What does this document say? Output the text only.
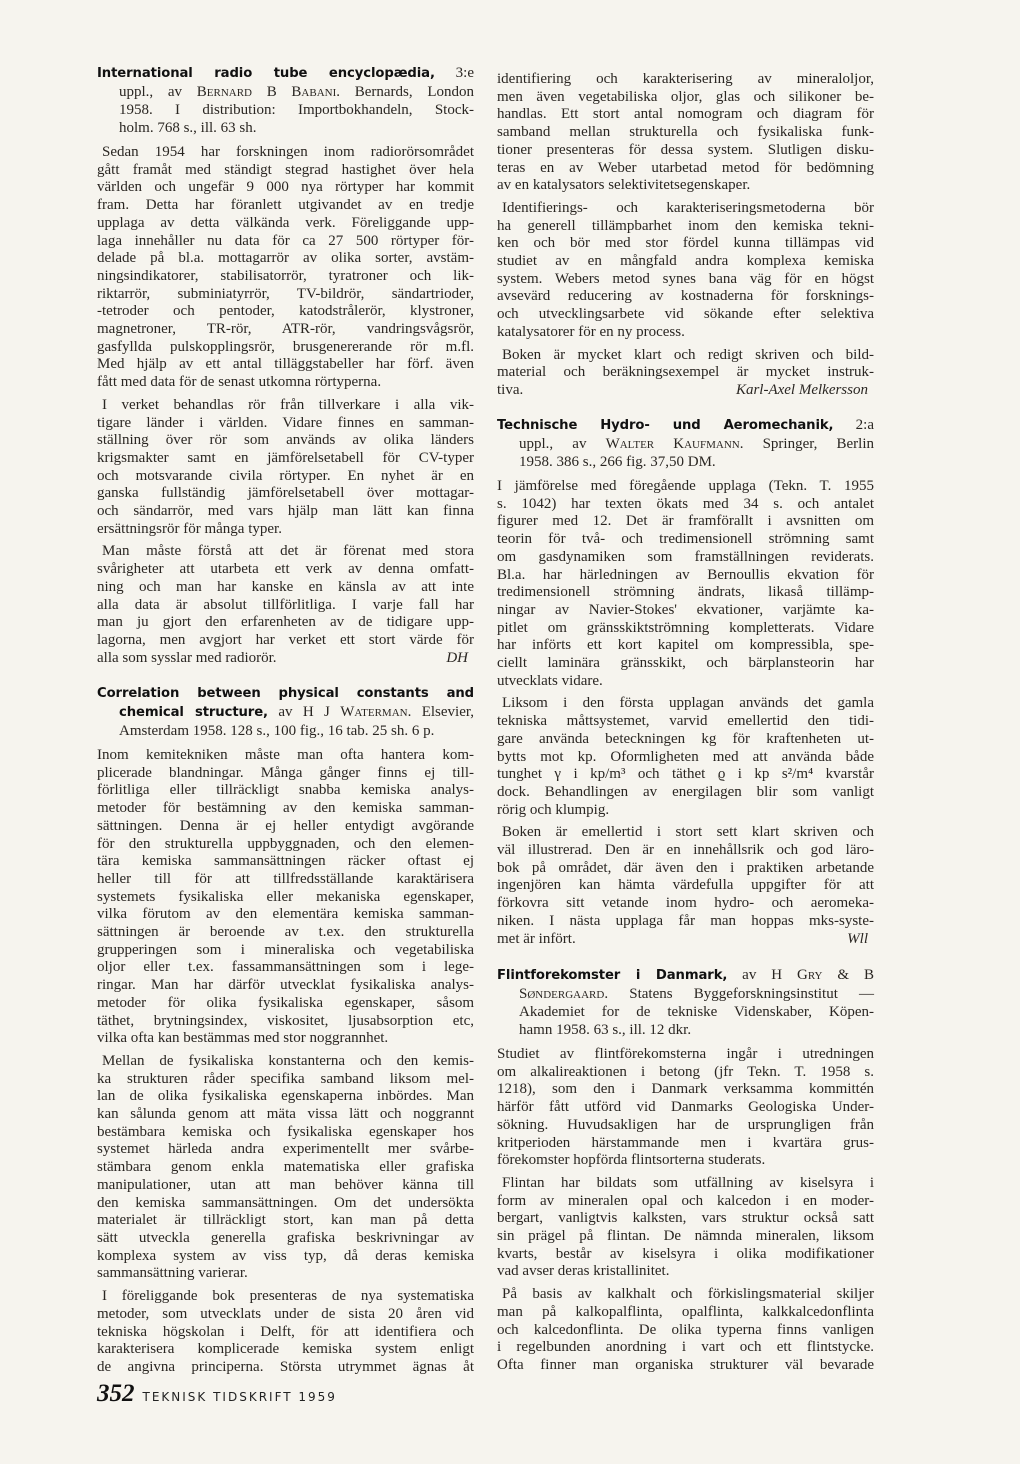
International radio tube encyclopædia, 3:e
uppl., av Bernard B Babani. Bernards, London
1958. I distribution: Importbokhandeln, Stock-
holm. 768 s., ill. 63 sh.
Sedan 1954 har forskningen inom radiorörsområdet
gått framåt med ständigt stegrad hastighet över hela
världen och ungefär 9 000 nya rörtyper har kommit
fram. Detta har föranlett utgivandet av en tredje
upplaga av detta välkända verk. Föreliggande upp-
laga innehåller nu data för ca 27 500 rörtyper för-
delade på bl.a. mottagarrör av olika sorter, avstäm-
ningsindikatorer, stabilisatorrör, tyratroner och lik-
riktarrör, subminiatyrrör, TV-bildrör, sändartrioder,
-tetroder och pentoder, katodstrålerör, klystroner,
magnetroner, TR-rör, ATR-rör, vandringsvågsrör,
gasfyllda pulskopplingsrör, brusgenererande rör m.fl.
Med hjälp av ett antal tilläggstabeller har förf. även
fått med data för de senast utkomna rörtyperna.
I verket behandlas rör från tillverkare i alla vik-
tigare länder i världen. Vidare finnes en samman-
ställning över rör som används av olika länders
krigsmakter samt en jämförelsetabell för CV-typer
och motsvarande civila rörtyper. En nyhet är en
ganska fullständig jämförelsetabell över mottagar-
och sändarrör, med vars hjälp man lätt kan finna
ersättningsrör för många typer.
Man måste förstå att det är förenat med stora
svårigheter att utarbeta ett verk av denna omfatt-
ning och man har kanske en känsla av att inte
alla data är absolut tillförlitliga. I varje fall har
man ju gjort den erfarenheten av de tidigare upp-
lagorna, men avgjort har verket ett stort värde för
alla som sysslar med radiorör.	DH
Correlation between physical constants and
chemical structure, av H J Waterman. Elsevier,
Amsterdam 1958. 128 s., 100 fig., 16 tab. 25 sh. 6 p.
Inom kemitekniken måste man ofta hantera kom-
plicerade blandningar. Många gånger finns ej till-
förlitliga eller tillräckligt snabba kemiska analys-
metoder för bestämning av den kemiska samman-
sättningen. Denna är ej heller entydigt avgörande
för den strukturella uppbyggnaden, och den elemen-
tära kemiska sammansättningen räcker oftast ej
heller till för att tillfredsställande karaktärisera
systemets fysikaliska eller mekaniska egenskaper,
vilka förutom av den elementära kemiska samman-
sättningen är beroende av t.ex. den strukturella
grupperingen som i mineraliska och vegetabiliska
oljor eller t.ex. fassammansättningen som i lege-
ringar. Man har därför utvecklat fysikaliska analys-
metoder för olika fysikaliska egenskaper, såsom
täthet, brytningsindex, viskositet, ljusabsorption etc,
vilka ofta kan bestämmas med stor noggrannhet.
Mellan de fysikaliska konstanterna och den kemis-
ka strukturen råder specifika samband liksom mel-
lan de olika fysikaliska egenskaperna inbördes. Man
kan sålunda genom att mäta vissa lätt och noggrannt
bestämbara kemiska och fysikaliska egenskaper hos
systemet härleda andra experimentellt mer svårbe-
stämbara genom enkla matematiska eller grafiska
manipulationer, utan att man behöver känna till
den kemiska sammansättningen. Om det undersökta
materialet är tillräckligt stort, kan man på detta
sätt utveckla generella grafiska beskrivningar av
komplexa system av viss typ, då deras kemiska
sammansättning varierar.
I föreliggande bok presenteras de nya systematiska
metoder, som utvecklats under de sista 20 åren vid
tekniska högskolan i Delft, för att identifiera och
karakterisera komplicerade kemiska system enligt
de angivna principerna. Största utrymmet ägnas åt
identifiering och karakterisering av mineraloljor,
men även vegetabiliska oljor, glas och silikoner be-
handlas. Ett stort antal nomogram och diagram för
samband mellan strukturella och fysikaliska funk-
tioner presenteras för dessa system. Slutligen disku-
teras en av Weber utarbetad metod för bedömning
av en katalysators selektivitetsegenskaper.
Identifierings- och karakteriseringsmetoderna bör
ha generell tillämpbarhet inom den kemiska tekni-
ken och bör med stor fördel kunna tillämpas vid
studiet av en mångfald andra komplexa kemiska
system. Webers metod synes bana väg för en högst
avsevärd reducering av kostnaderna för forsknings-
och utvecklingsarbete vid sökande efter selektiva
katalysatorer för en ny process.
Boken är mycket klart och redigt skriven och bild-
material och beräkningsexempel är mycket instruk-
tiva.	Karl-Axel Melkersson
Technische Hydro- und Aeromechanik, 2:a
uppl., av Walter Kaufmann. Springer, Berlin
1958. 386 s., 266 fig. 37,50 DM.
I jämförelse med föregående upplaga (Tekn. T. 1955
s. 1042) har texten ökats med 34 s. och antalet
figurer med 12. Det är framförallt i avsnitten om
teorin för två- och tredimensionell strömning samt
om gasdynamiken som framställningen reviderats.
Bl.a. har härledningen av Bernoullis ekvation för
tredimensionell strömning ändrats, likaså tillämp-
ningar av Navier-Stokes' ekvationer, varjämte ka-
pitlet om gränsskiktströmning kompletterats. Vidare
har införts ett kort kapitel om kompressibla, spe-
ciellt laminära gränsskikt, och bärplansteorin har
utvecklats vidare.
Liksom i den första upplagan används det gamla
tekniska måttsystemet, varvid emellertid den tidi-
gare använda beteckningen kg för kraftenheten ut-
bytts mot kp. Oformligheten med att använda både
tunghet γ i kp/m³ och täthet ϱ i kp s²/m⁴ kvarstår
dock. Behandlingen av energilagen blir som vanligt
rörig och klumpig.
Boken är emellertid i stort sett klart skriven och
väl illustrerad. Den är en innehållsrik och god läro-
bok på området, där även den i praktiken arbetande
ingenjören kan hämta värdefulla uppgifter för att
förkovra sitt vetande inom hydro- och aeromeka-
niken. I nästa upplaga får man hoppas mks-syste-
met är infört.	Wll
Flintforekomster i Danmark, av H Gry & B
Søndergaard. Statens Byggeforskningsinstitut —
Akademiet for de tekniske Videnskaber, Köpen-
hamn 1958. 63 s., ill. 12 dkr.
Studiet av flintförekomsterna ingår i utredningen
om alkalireaktionen i betong (jfr Tekn. T. 1958 s.
1218), som den i Danmark verksamma kommittén
härför fått utförd vid Danmarks Geologiska Under-
sökning. Huvudsakligen har de ursprungligen från
kritperioden härstammande men i kvartära grus-
förekomster hopförda flintsorterna studerats.
Flintan har bildats som utfällning av kiselsyra i
form av mineralen opal och kalcedon i en moder-
bergart, vanligtvis kalksten, vars struktur också satt
sin prägel på flintan. De nämnda mineralen, liksom
kvarts, består av kiselsyra i olika modifikationer
vad avser deras kristallinitet.
På basis av kalkhalt och förkislingsmaterial skiljer
man på kalkopalflinta, opalflinta, kalkkalcedonflinta
och kalcedonflinta. De olika typerna finns vanligen
i regelbunden anordning i vart och ett flintstycke.
Ofta finner man organiska strukturer väl bevarade
352 TEKNISK TIDSKRIFT 1959
